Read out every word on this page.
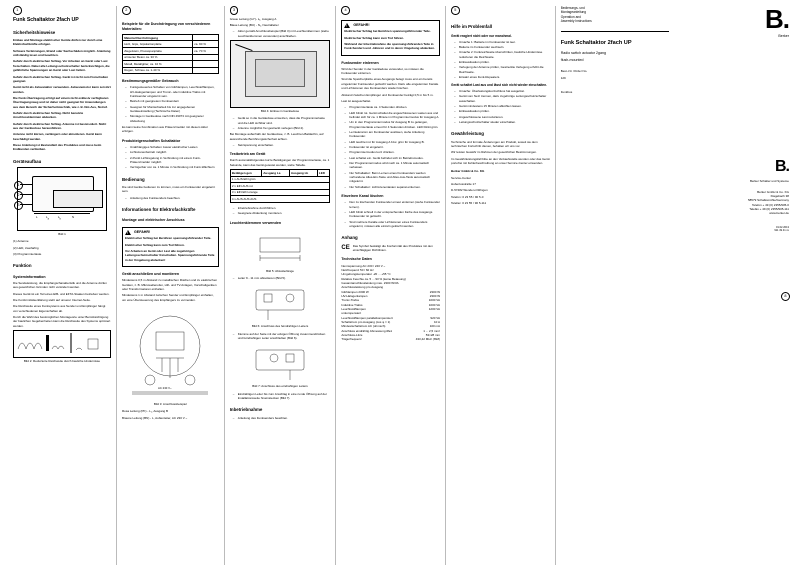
1
Funk Schaltaktor 2fach UP
Sicherheitshinweise

Einbau und Montage elektrischer Geräte dürfen nur durch eine Elektrofachkräfte erfolgen.

Schwere Verletzungen, Brand oder Sachschäden möglich. Anleitung vollständig lesen und beachten.

Gefahr durch elektrischen Schlag. Vor Arbeiten an Gerät oder Last freischalten. Dabei alle Leitungsschutzschalter berücksichtigen, die gefährliche Spannungen an Gerät oder Last liefern.

Gefahr durch elektrischen Schlag. Gerät ist nicht zum Freischalten geeignet.

Gerät nicht als Jalousiaktor verwenden. Jalousiemotor kann zerstört werden.

Die Funk-Übertragung erfolgt auf einem nicht exklusiv verfügbaren Übertragungsweg und ist daher nicht geeignet für Anwendungen aus dem Bereich der Sicherheitstechnik, wie z. B. Not-Aus, Notruf.

Gefahr durch elektrischen Schlag. Nicht benutzte Anschlussklemmen abdecken.

Gefahr durch elektrischen Schlag. Antenne ist basisisoliert. Nicht aus der Gerätedose herausführen.

Antenne nicht kürzen, verlängern oder abisolieren. Gerät kann beschädigt werden.

Diese Anleitung ist Bestandteil des Produktes und muss beim Endkunden verbleiben.

Geräteaufbau
1
2
3
L	$L_a$
$L_b$
N
Bild 1

(1) Antenne

(2) LED, zweifarbig

(3) Programmiertaste

Funktion
Systeminformation

Die Sendeleistung, die Empfangscharakteristik und die Antenne dürfen aus gesetzlichen Gründen nicht verändert werden.

Dieses Gerät ist ein Teil eines EIB- und EFTA-Staaten betrieben werden.

Die Konformitätserklärung steht auf unserer Internet-Seite.

Die Reichweite eines Funksystems aus Sender und Empfänger hängt von verschiedenen Eigenschaften ab.

Durch die Wahl des bestmöglichen Montageorte unter Berücksichtigung der baulichen Gegebenheiten kann die Reichweite des Systems optimiert werden.

Bild 2: Reduzierte Reichweite durch bauliche Hindernisse
2
Beispiele für die Durchdringung von verschiedenen Materialien:
Material Durchdringung	
Holz, Gips, Gipskartonplatte	ca. 90 %
Ziegelstein, Pressspanplatte	ca. 70 %
armierter Beton ca. 30 %	
Metall, Metallgitter, ca. 10 %	
Regen, Schnee ca. 1-40 %	
Bestimmungsgemäßer Gebrauch
– Funkgesteuertes Schalten von Glühlampen, Leuchtstofflampen, HV-Halogenlampen und Tronic- oder induktive Trafos mit Funkwender eingelernt sein.
– Betrieb mit geeignetem Funksendern
– Geeignet für Montierbarkeit bis zur angegebenen Geräteeinstellung (Technische Daten)
– Montage in Gerätedose nach DIN 49073 mit geeigneter Abdeckung

Es kann keine Kombination aus Präsenzmelder mit diesem Aktor erfolgen.

Produkteigenschaften Schaltaktor
– Unabhängiges Schalten zweier elektrischer Lasten
– Lichtszenenbetrieb möglich
– 2-Punkt Lichtregelung in Verbindung mit einem Funk-Präsenzmelder möglich
– Verzögerbar von ca. 1 Minute in Verbindung mit Funk-Wächtern
Bedienung

Die sind Geräte bedienen zu können, muss ein Funksender eingelernt sein.

– Anleitung des Funksenders beachten.
Informationen für Elektrofachkräfte
Montage und elektrischer Anschluss
!
GEFAHR!

Elektrischer Schlag bei Berühren spannungsführender Teile.

Elektrischer Schlag kann zum Tod führen.

Vor Arbeiten an Gerät oder Last alle zugehörigen Leitungsschutzschalter freischalten. Spannungsführende Teile in der Umgebung abdecken!

Gerät anschließen und montieren

Mindestens 0,5 m Abstand zu metallischen Flächen und zu elektrischen Geräten, z. B. Mikrowellenofen, Hifi- und TV-Anlagen, Vorschaltgeräten oder Transformatoren einhalten.

Mindestens 1 m Abstand zwischen Sender und Empfänger einhalten, um eine Übersteuerung des Empfängers zu vermeiden.

AC 230 V~
Bild 3: Anschlussbeispiel

Rosa Leitung (PK) - L₁, Ausgang B

Braune Leitung (BN) - L, Außenleiter, AC 230 V ~

3

Graue Leitung (GY)- L₁, Ausgang A

Blaue Leitung (BU) - N₁, Neutralleiter

– Aktor gemäß Anschlussbeispiel (Bild 3) mit Leuchtenklemmen (siehe Leuchtenklemmen verwenden) anschließen.
Bild 4: Einbau in Gerätedose
– Gerät so in die Gerätedose einsetzen, dass die Programmiertaste und die LED sichtbar sind.
– Antenne möglichst frei gestreckt verlegen (Bild 4).

Bei Montage außerhalb der Gerätedose, z. B. Leuchten-Baldachin, auf ausreichende Berührungssicherheit achten.

– Netzspannung einschalten.
Testbetrieb am Gerät

Durch automatikfolgendes kurze Betätigungen der Programmiertaste, ca. 1 Sekunde, kann das Gerät getestet werden, siehe Tabelle.

Betätigen gen	Ausgang La	Ausgang Lb	LED
1 x AUS EIN grün
2 x EIN AUS rot
3 x EIN EIN orange
4 x AUS AUS AUS
– Inbetriebnahme durchführen.
– Geeignete Abdeckung montieren.
Leuchtenklemmen verwenden
Bild 5: Abisolierlänge
– Leiter 9 - 11 mm abisolieren (Bild 5).
Bild 6: Anschluss des feindrahtigen Leiters
– Klemme auf der Seite mit der eckigen Öffnung zusammendrücken und feindrahtigen Leiter anschließen (Bild 6).
Bild 7: Anschluss des eindrahtigen Leiters
– Eindrahtigen Leiter bis zum Anschlag in eine runde Öffnung auf der Installationsseite hineinstecken (Bild 7).
Inbetriebnahme
– Anleitung des Funksenders beachten.
4
!
GEFAHR!

Elektrischer Schlag bei Berühren spannungsführender Teile.

Elektrischer Schlag kann zum Tod führen.

Während der Inbetriebnahme die spannungsführenden Teile in Funk-Sendern und -Aktoren und in deren Umgebung abdecken.

Funksender einlernen

Wird der Sender in der Gerätedose verwendet, so müssen die Funksender einlernen.

Sind die Speicherplätze eines Ausgangs belegt muss erst ein bereits eingelernter Funksender gelöscht werden. Dazu alle eingelernten Kanäle und Lichtszenen des Funksenders wieder löschen.

Abstand zwischen Empfänger und Funksender beträgt 0,5 m bis 5 m.

Last ist ausgeschaltet.

– Programmiertaste ca. 4 Sekunden drücken.
– LED blinkt rot. Gerät schaltet die angeschlossenen Lasten aus und befindet sich für ca. 1 Minute im Programmiermodus für Ausgang A.
– Um in den Programmiermodus für Ausgang B zu gelangen, Programmiertaste erneut für 4 Sekunden drücken. LED blinkt grün.
– Lernteleramm am Funksender auslösen, siehe Anleitung Funksender.
– LED leuchtet rot für Ausgang A bzw. grün für Ausgang B.
– Funksender ist eingelernt.
– Programmiermodus kurz drücken.
– Last schaltet ein. Gerät befindet sich im Betriebsmodus.
– Der Programmiermodus wird nach ca. 1 Minute automatisch verlassen.
– Nur Schaltaktor: Beim Lernen eines Funksenders werden vorhandene Alles-Ein-Taste und Alles-Aus-Tasts automatisch mitgelernt.
– Nur Schaltaktor: Lichtszenentasten separat einlernen.
Einzelnen Kanal löschen
– Den zu löschenden Funksender erneut einlernen (siehe Funksender lernen).
– LED blinkt schnell in der entsprechenden Farbe des Ausgangs. Funksender ist gelöscht.
– Sind mehrere Kanäle oder Lichtszenen eines Funksenders eingelernt, müssen alle einzeln gelöscht werden.
Anhang
CE Das Symbol bestätigt die Konformität des Produktes mit den einschlägigen Richtlinien.
Technische Daten
Nennspannung AC 230 / 240 V ~
Netzfrequenz 50 / 60 Hz
Umgebungstemperatur -20 ... +55 °C
Relative Feuchte ca. 5 ... 93 % (keine Betauung)
Gesamtanschlussleistung max. 2300 W/VA
Anschlussleistung pro Ausgang
Glühlampen 2300 W	2300 W
HV-Halogenlampen	2300 W
Tronic-Trafos	1000 VA
Induktive Trafos	1000 VA
Leuchtstofflampen	1200 VA
unkompensiert
Leuchtstofflampen parallelkompensiert	920 VA
Schaltstrom pro Ausgang (cos φ = 1)	10 A
Mindestschaltstrom AC (ohmsch)	100 mA
Anschluss eindrähtig Abmessung Ø≤1	1 ... 2,5 mm²
Anschluss-Litze	53×28 mm
Trägerfrequenz	433,42 MHz (ISM)
5
Hilfe im Problemfall
Gerät reagiert nicht oder nur manchmal.
– Ursache 1: Batterie im Funksender ist leer.
– Batterie im Funksender wechseln.
– Ursache 2: Funkreichweite überschritten, bauliche Hindernisse reduzieren die Reichweite.
– Einbausituation prüfen.
– Verlegung der Antenne prüfen, Gestreckte Verlegung erhöht die Reichweite.
– Einsatz eines Funk-Repeaters.
Gerät schaltet Last aus und lässt sich nicht wieder einschalten.
– Ursache: Überlastungskurzschluss hat ausgelöst.
– Gerät vom Netz trennen, dazu zugehörige Leitungsschutzschalter ausschalten.
– Gerät mindestens 15 Minuten abkühlen lassen.
– Einbausituation prüfen.
– Angeschlossene Last reduzieren.
– Leitungsschutzschalter wieder einschalten.
Gewährleistung

Technische und formale Änderungen am Produkt, soweit sie dem technischen Fortschritt dienen, behalten wir uns vor.

Wir leisten Gewähr im Rahmen der gesetzlichen Bestimmungen.

Im Gewährleistungsfall bitte an den Verkaufsstelle wenden oder das Gerät portofrei mit Fehlerbeschreibung an unser Service-Center einsenden.

Berker GmbH & Co. KG

Service-Center

Hubertusstraße 17

D-57482 Wenden-Ottfingen

Telefon: 0 23 55 / 90 5-0

Telefax: 0 23 55 / 90 5-111

Bedienungs- und
Montageanleitung
Operation and
Assembly Instructions
Funk Schaltaktor 2fach UP

Radio switch actuator 2gang

flush-mounted

Best.-Nr. /Order No.

129

Funkbus

B.
Berker
B.
Berker Schalter und Systeme
Berker GmbH & Co. KG
Klagebach 38
58579 Schalksmühle/Germany
Telefon + 49 (0) 2355/905-0
Telefax + 49 (0) 2355/905-111
www.berker.de
01.02.2013
911 49 41 xx
8
